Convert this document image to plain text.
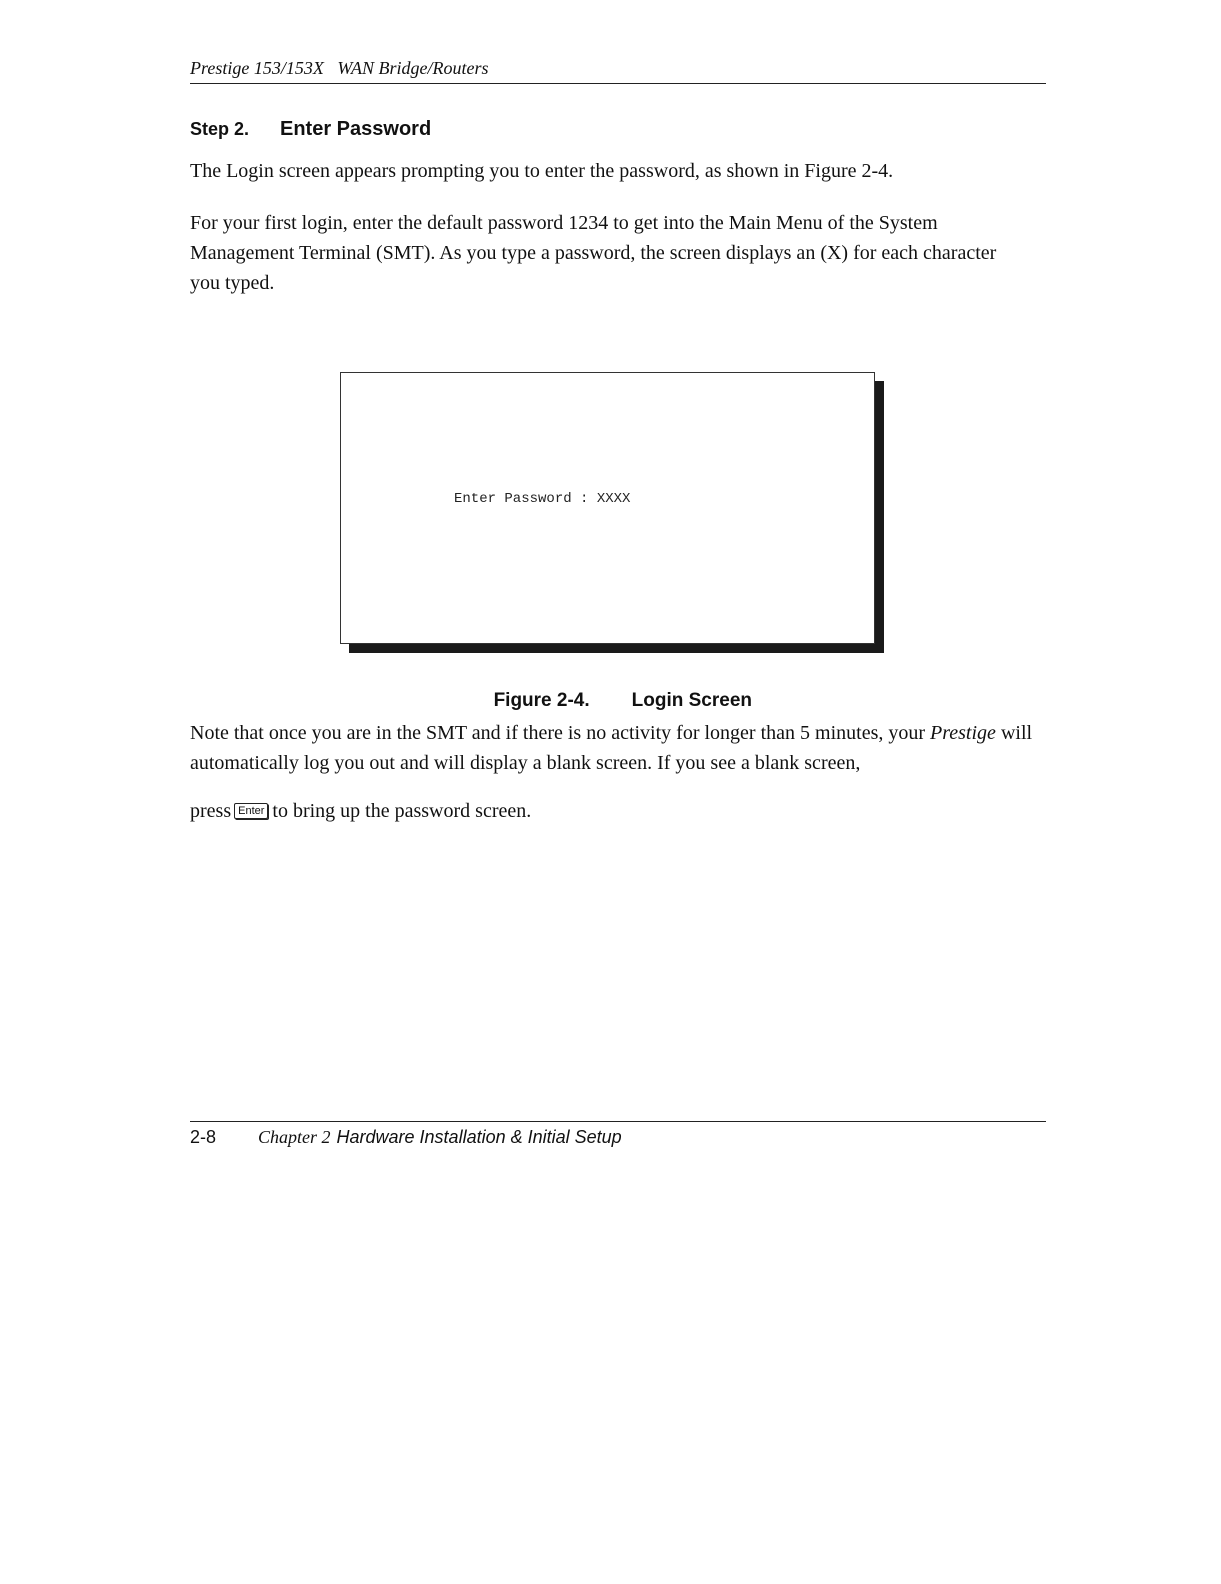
Prestige 153/153X   WAN Bridge/Routers
Step 2.	Enter Password
The Login screen appears prompting you to enter the password, as shown in Figure 2-4.
For your first login, enter the default password 1234 to get into the Main Menu of the System Management Terminal (SMT). As you type a password, the screen displays an (X) for each character you typed.
Enter Password : XXXX

Figure 2-4. Login Screen

Note that once you are in the SMT and if there is no activity for longer than 5 minutes, your Prestige will automatically log you out and will display a blank screen. If you see a blank screen,
press Enter to bring up the password screen.
2-8	Chapter 2 Hardware Installation & Initial Setup
